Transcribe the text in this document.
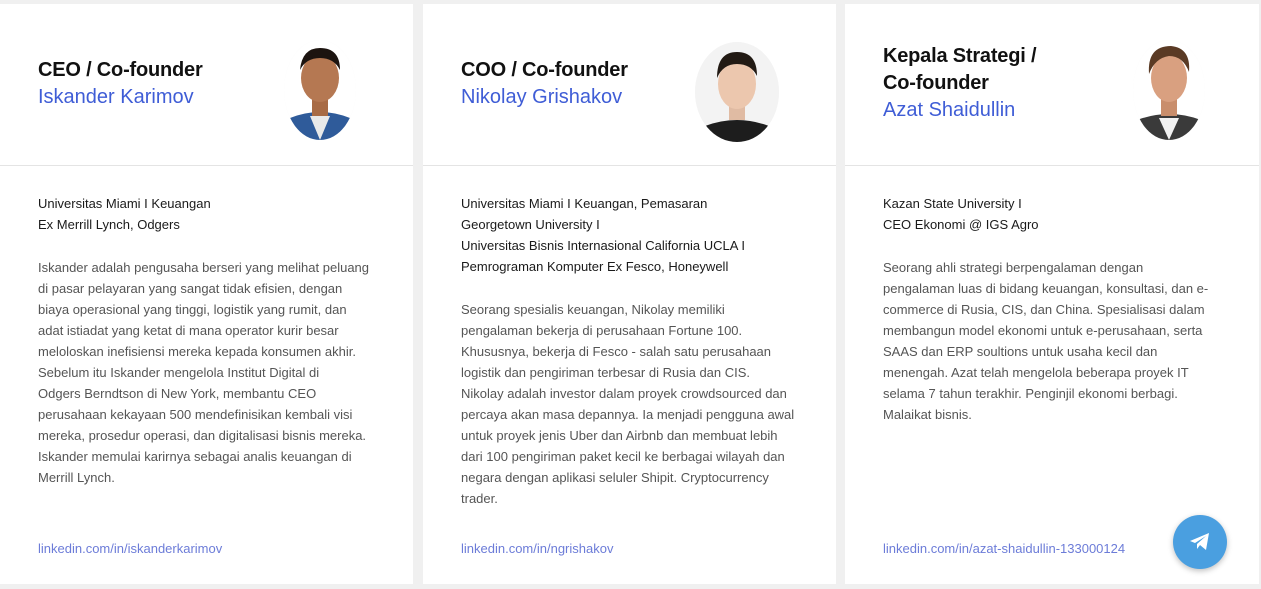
CEO / Co-founder
Iskander Karimov
Universitas Miami I Keuangan
Ex Merrill Lynch, Odgers
Iskander adalah pengusaha berseri yang melihat peluang
di pasar pelayaran yang sangat tidak efisien, dengan
biaya operasional yang tinggi, logistik yang rumit, dan
adat istiadat yang ketat di mana operator kurir besar
meloloskan inefisiensi mereka kepada konsumen akhir.
Sebelum itu Iskander mengelola Institut Digital di
Odgers Berndtson di New York, membantu CEO
perusahaan kekayaan 500 mendefinisikan kembali visi
mereka, prosedur operasi, dan digitalisasi bisnis mereka.
Iskander memulai karirnya sebagai analis keuangan di
Merrill Lynch.
linkedin.com/in/iskanderkarimov
COO / Co-founder
Nikolay Grishakov
Universitas Miami I Keuangan, Pemasaran
Georgetown University I
Universitas Bisnis Internasional California UCLA I
Pemrograman Komputer Ex Fesco, Honeywell
Seorang spesialis keuangan, Nikolay memiliki
pengalaman bekerja di perusahaan Fortune 100.
Khususnya, bekerja di Fesco - salah satu perusahaan
logistik dan pengiriman terbesar di Rusia dan CIS.
Nikolay adalah investor dalam proyek crowdsourced dan
percaya akan masa depannya. Ia menjadi pengguna awal
untuk proyek jenis Uber dan Airbnb dan membuat lebih
dari 100 pengiriman paket kecil ke berbagai wilayah dan
negara dengan aplikasi seluler Shipit. Cryptocurrency
trader.
linkedin.com/in/ngrishakov
Kepala Strategi /
Co-founder
Azat Shaidullin
Kazan State University I
CEO Ekonomi @ IGS Agro
Seorang ahli strategi berpengalaman dengan
pengalaman luas di bidang keuangan, konsultasi, dan e-
commerce di Rusia, CIS, dan China. Spesialisasi dalam
membangun model ekonomi untuk e-perusahaan, serta
SAAS dan ERP soultions untuk usaha kecil dan
menengah. Azat telah mengelola beberapa proyek IT
selama 7 tahun terakhir. Penginjil ekonomi berbagi.
Malaikat bisnis.
linkedin.com/in/azat-shaidullin-133000124
